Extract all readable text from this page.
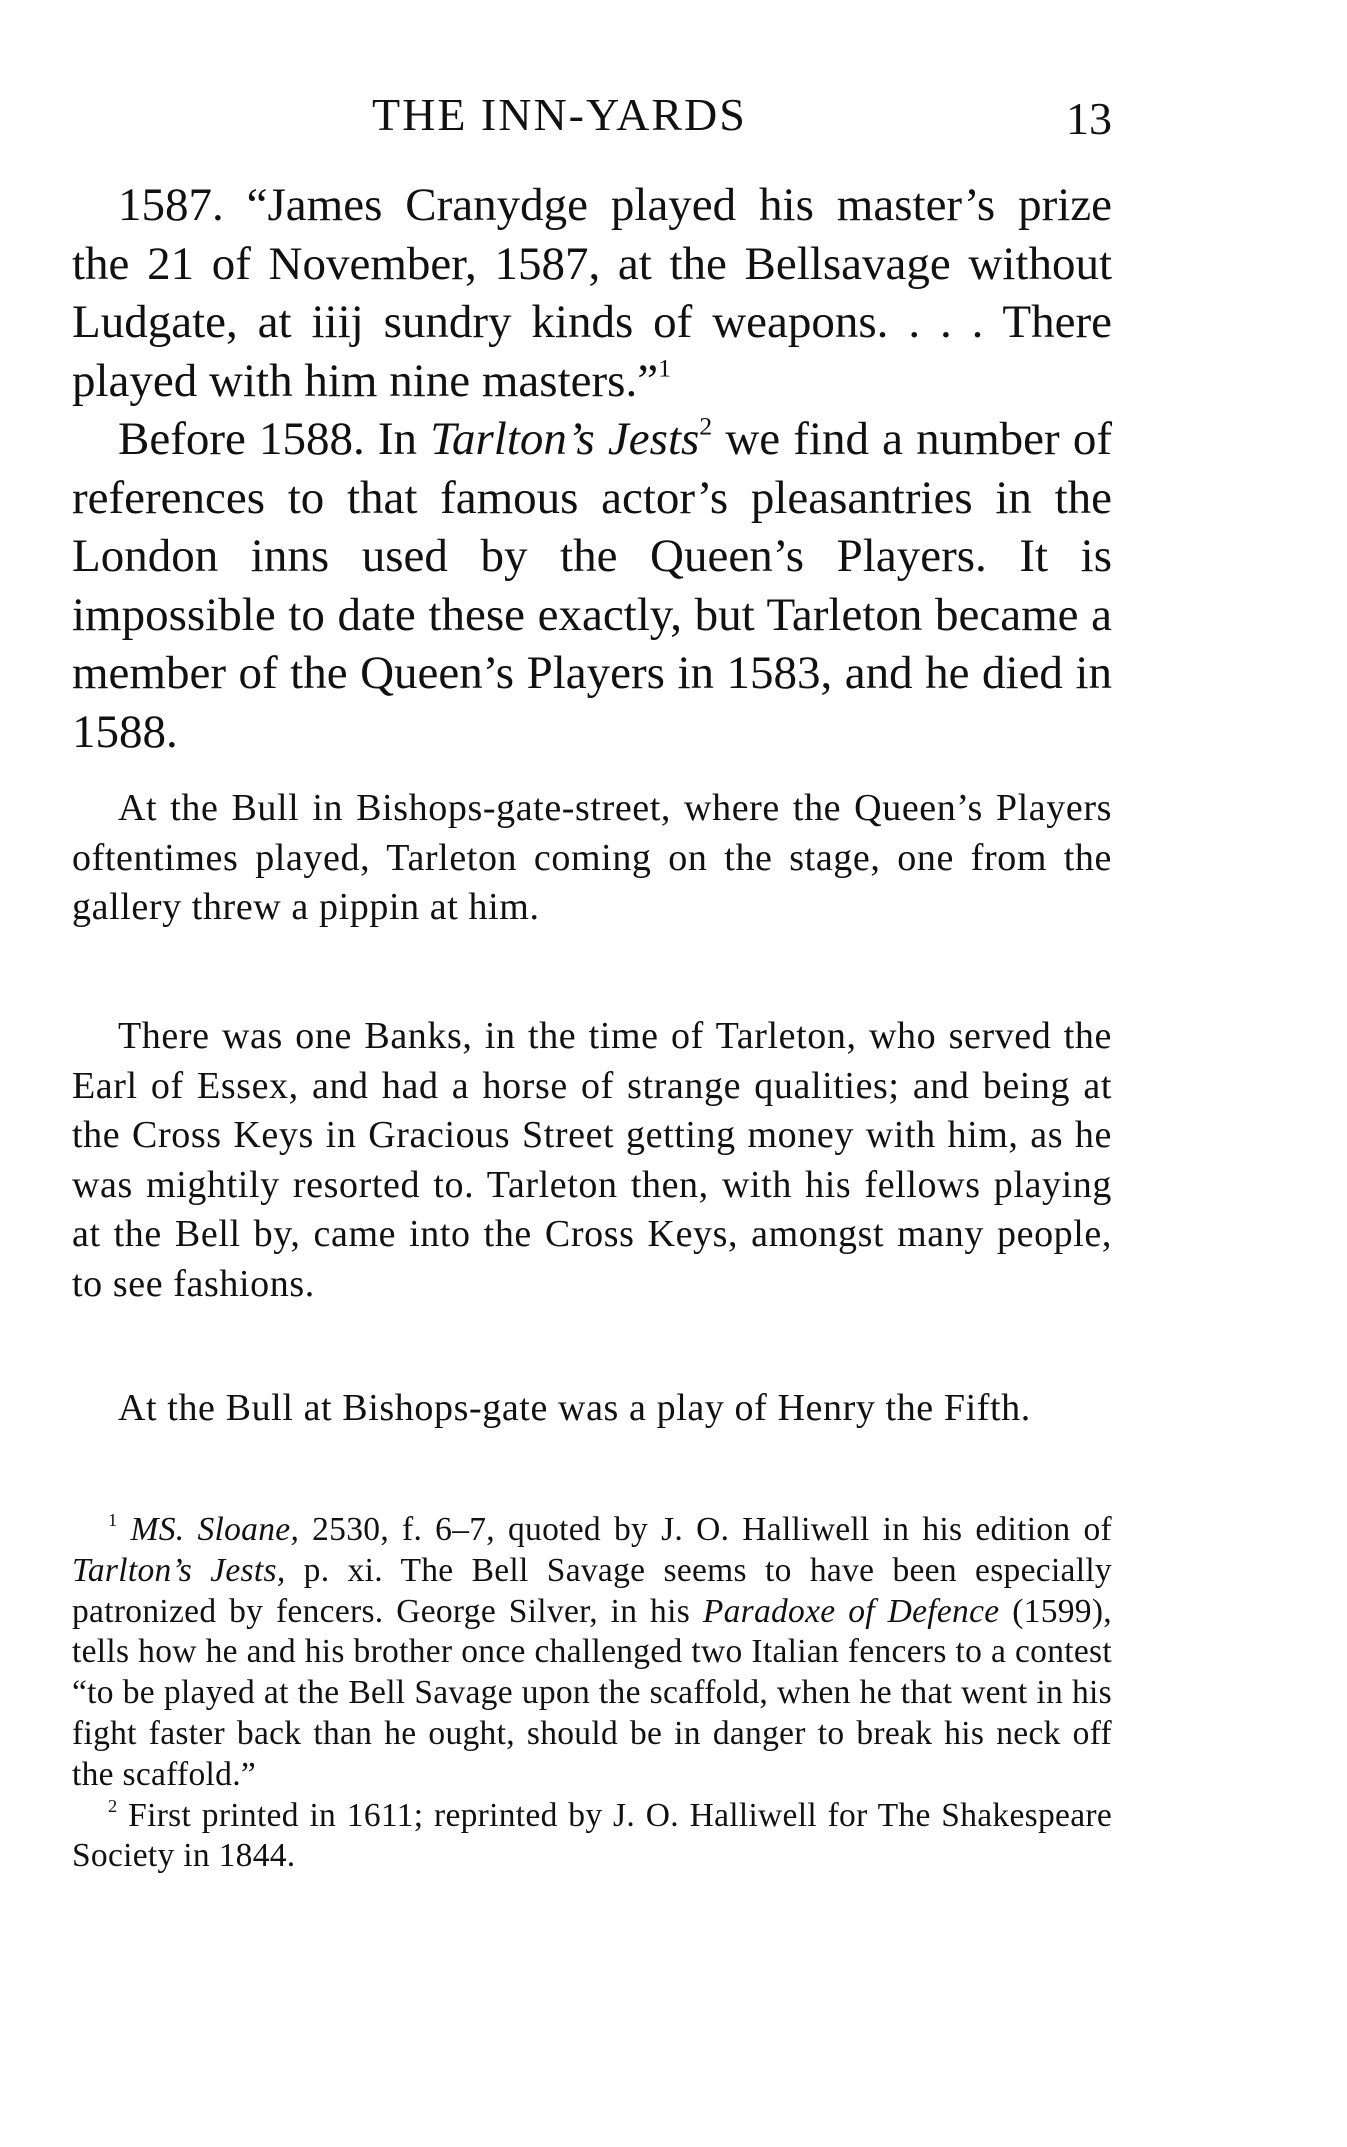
THE INN-YARDS	13

1587. “James Cranydge played his master’s prize the 21 of November, 1587, at the Bellsavage without Ludgate, at iiij sundry kinds of weapons. . . . There played with him nine masters.”$^1$

Before 1588. In Tarlton’s Jests$^2$ we find a number of references to that famous actor’s pleasantries in the London inns used by the Queen’s Players. It is impossible to date these exactly, but Tarleton became a member of the Queen’s Players in 1583, and he died in 1588.

At the Bull in Bishops-gate-street, where the Queen’s Players oftentimes played, Tarleton coming on the stage, one from the gallery threw a pippin at him.

There was one Banks, in the time of Tarleton, who served the Earl of Essex, and had a horse of strange qualities; and being at the Cross Keys in Gracious Street getting money with him, as he was mightily resorted to. Tarleton then, with his fellows playing at the Bell by, came into the Cross Keys, amongst many people, to see fashions.

At the Bull at Bishops-gate was a play of Henry the Fifth.

$^1$ MS. Sloane, 2530, f. 6–7, quoted by J. O. Halliwell in his edition of Tarlton’s Jests, p. xi. The Bell Savage seems to have been especially patronized by fencers. George Silver, in his Paradoxe of Defence (1599), tells how he and his brother once challenged two Italian fencers to a contest “to be played at the Bell Savage upon the scaffold, when he that went in his fight faster back than he ought, should be in danger to break his neck off the scaffold.”

$^2$ First printed in 1611; reprinted by J. O. Halliwell for The Shakespeare Society in 1844.
